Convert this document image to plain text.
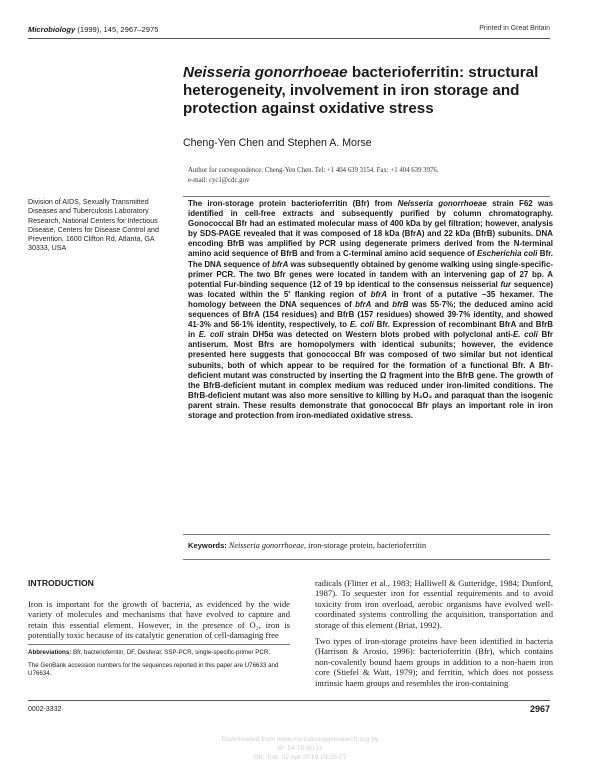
Microbiology (1999), 145, 2967–2975	Printed in Great Britain
Neisseria gonorrhoeae bacterioferritin: structural heterogeneity, involvement in iron storage and protection against oxidative stress
Cheng-Yen Chen and Stephen A. Morse
Author for correspondence: Cheng-Yen Chen. Tel: +1 404 639 3154. Fax: +1 404 639 3976.
e-mail: cyc1@cdc.gov
Division of AIDS, Sexually Transmitted Diseases and Tuberculosis Laboratory Research, National Centers for Infectious Disease, Centers for Disease Control and Prevention, 1600 Clifton Rd, Atlanta, GA 30333, USA
The iron-storage protein bacterioferritin (Bfr) from Neisseria gonorrhoeae strain F62 was identified in cell-free extracts and subsequently purified by column chromatography. Gonococcal Bfr had an estimated molecular mass of 400 kDa by gel filtration; however, analysis by SDS-PAGE revealed that it was composed of 18 kDa (BfrA) and 22 kDa (BfrB) subunits. DNA encoding BfrB was amplified by PCR using degenerate primers derived from the N-terminal amino acid sequence of BfrB and from a C-terminal amino acid sequence of Escherichia coli Bfr. The DNA sequence of bfrA was subsequently obtained by genome walking using single-specific-primer PCR. The two Bfr genes were located in tandem with an intervening gap of 27 bp. A potential Fur-binding sequence (12 of 19 bp identical to the consensus neisserial fur sequence) was located within the 5′ flanking region of bfrA in front of a putative −35 hexamer. The homology between the DNA sequences of bfrA and bfrB was 55·7%; the deduced amino acid sequences of BfrA (154 residues) and BfrB (157 residues) showed 39·7% identity, and showed 41·3% and 56·1% identity, respectively, to E. coli Bfr. Expression of recombinant BfrA and BfrB in E. coli strain DH5α was detected on Western blots probed with polyclonal anti-E. coli Bfr antiserum. Most Bfrs are homopolymers with identical subunits; however, the evidence presented here suggests that gonococcal Bfr was composed of two similar but not identical subunits, both of which appear to be required for the formation of a functional Bfr. A Bfr-deficient mutant was constructed by inserting the Ω fragment into the BfrB gene. The growth of the BfrB-deficient mutant in complex medium was reduced under iron-limited conditions. The BfrB-deficient mutant was also more sensitive to killing by H₂O₂ and paraquat than the isogenic parent strain. These results demonstrate that gonococcal Bfr plays an important role in iron storage and protection from iron-mediated oxidative stress.
Keywords: Neisseria gonorrhoeae, iron-storage protein, bacterioferritin
INTRODUCTION

Iron is important for the growth of bacteria, as evidenced by the wide variety of molecules and mechanisms that have evolved to capture and retain this essential element. However, in the presence of O₂, iron is potentially toxic because of its catalytic generation of cell-damaging free

radicals (Flitter et al., 1983; Halliwell & Gutteridge, 1984; Dunford, 1987). To sequester iron for essential requirements and to avoid toxicity from iron overload, aerobic organisms have evolved well-coordinated systems controlling the acquisition, transportation and storage of this element (Briat, 1992).

Two types of iron-storage proteins have been identified in bacteria (Harrison & Arosio, 1996): bacterioferritin (Bfr), which contains non-covalently bound haem groups in addition to a non-haem iron core (Stiefel & Watt, 1979); and ferritin, which does not possess intrinsic haem groups and resembles the iron-containing

Abbreviations: Bfr, bacterioferritin; DF, Desferal; SSP-PCR, single-specific-primer PCR.

The GenBank accession numbers for the sequences reported in this paper are U76633 and U76634.

0002-3332	2967
Downloaded from www.microbiologyresearch.org by
IP: 54.70.40.11
On: Tue, 02 Apr 2019 19:25:07
